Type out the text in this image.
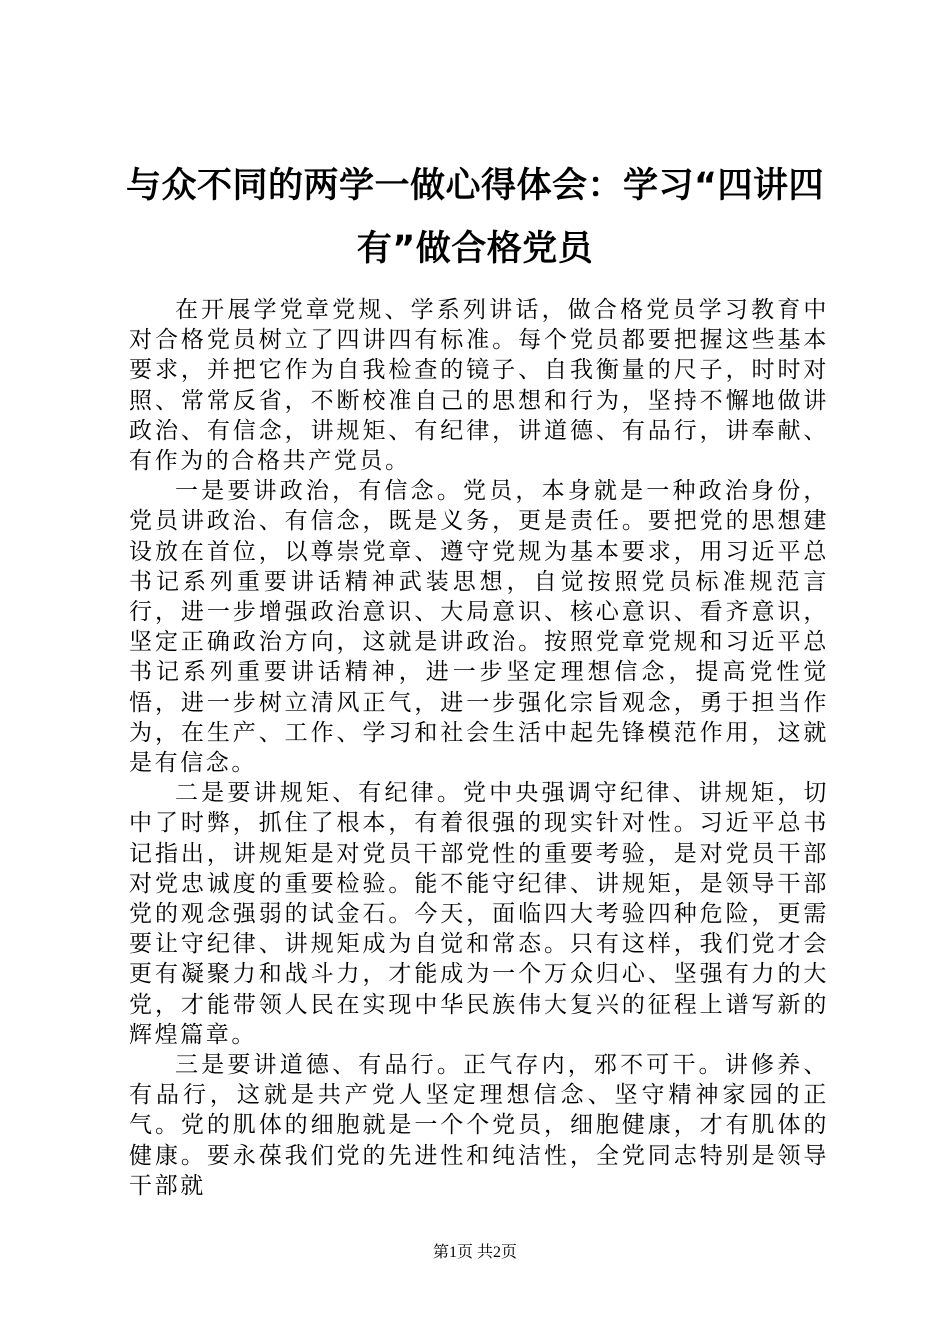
与众不同的两学一做心得体会：学习“四讲四
有”做合格党员

在开展学党章党规、学系列讲话，做合格党员学习教育中对合格党员树立了四讲四有标准。每个党员都要把握这些基本要求，并把它作为自我检查的镜子、自我衡量的尺子，时时对照、常常反省，不断校准自己的思想和行为，坚持不懈地做讲政治、有信念，讲规矩、有纪律，讲道德、有品行，讲奉献、有作为的合格共产党员。

一是要讲政治，有信念。党员，本身就是一种政治身份，党员讲政治、有信念，既是义务，更是责任。要把党的思想建设放在首位，以尊崇党章、遵守党规为基本要求，用习近平总书记系列重要讲话精神武装思想，自觉按照党员标准规范言行，进一步增强政治意识、大局意识、核心意识、看齐意识，坚定正确政治方向，这就是讲政治。按照党章党规和习近平总书记系列重要讲话精神，进一步坚定理想信念，提高党性觉悟，进一步树立清风正气，进一步强化宗旨观念，勇于担当作为，在生产、工作、学习和社会生活中起先锋模范作用，这就是有信念。

二是要讲规矩、有纪律。党中央强调守纪律、讲规矩，切中了时弊，抓住了根本，有着很强的现实针对性。习近平总书记指出，讲规矩是对党员干部党性的重要考验，是对党员干部对党忠诚度的重要检验。能不能守纪律、讲规矩，是领导干部党的观念强弱的试金石。今天，面临四大考验四种危险，更需要让守纪律、讲规矩成为自觉和常态。只有这样，我们党才会更有凝聚力和战斗力，才能成为一个万众归心、坚强有力的大党，才能带领人民在实现中华民族伟大复兴的征程上谱写新的辉煌篇章。

三是要讲道德、有品行。正气存内，邪不可干。讲修养、有品行，这就是共产党人坚定理想信念、坚守精神家园的正气。党的肌体的细胞就是一个个党员，细胞健康，才有肌体的健康。要永葆我们党的先进性和纯洁性，全党同志特别是领导干部就

第1页 共2页
